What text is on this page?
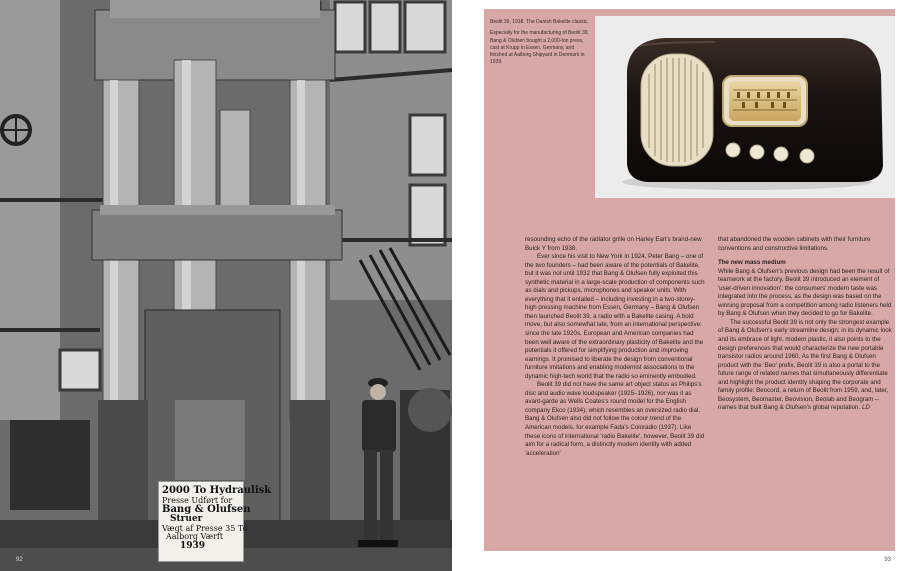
2000 To Hydraulisk
Presse Udført for
Bang & Olufsen
Struer
Vægt af Presse 35 To
Aalborg Værft
1939
92	93

Beolit 39, 1938. The Danish Bakelite classic.

Especially for the manufacturing of Beolit 39, Bang & Olufsen bought a 2,000-ton press, cast at Krupp in Essen, Germany, and finished at Aalborg Shipyard in Denmark in 1939.

resounding echo of the radiator grille on Harley Earl's brand-new Buick Y from 1938.

Ever since his visit to New York in 1924, Peter Bang – one of the two founders – had been aware of the potentials of Bakelite, but it was not until 1932 that Bang & Olufsen fully exploited this synthetic material in a large-scale production of components such as dials and pickups, microphones and speaker units. With everything that it entailed – including investing in a two-storey-high pressing machine from Essen, Germany – Bang & Olufsen then launched Beolit 39, a radio with a Bakelite casing. A bold move, but also somewhat late, from an international perspective: since the late 1920s, European and American companies had been well aware of the extraordinary plasticity of Bakelite and the potentials it offered for simplifying production and improving earnings. It promised to liberate the design from conventional furniture imitations and enabling modernist associations to the dynamic high-tech world that the radio so eminently embodied.

Beolit 39 did not have the same art object status as Philips's disc and audio wave loudspeaker (1925–1926), nor was it as avant-garde as Wells Coates's round model for the English company Ekco (1934), which resembles an oversized radio dial. Bang & Olufsen also did not follow the colour trend of the American models, for example Fada's Coloradio (1937). Like these icons of international 'radio Bakelite', however, Beolit 39 did aim for a radical form, a distinctly modern identity with added 'acceleration'

that abandoned the wooden cabinets with their furniture conventions and constructive limitations.

The new mass medium

While Bang & Olufsen's previous design had been the result of teamwork at the factory, Beolit 39 introduced an element of 'user-driven innovation': the consumers' modern taste was integrated into the process, as the design was based on the winning proposal from a competition among radio listeners held by Bang & Olufsen when they decided to go for Bakelite.

The successful Beolit 39 is not only the strongest example of Bang & Olufsen's early streamline design; in its dynamic look and its embrace of light, modern plastic, it also points to the design preferences that would characterize the new portable transistor radios around 1960. As the first Bang & Olufsen product with the 'Beo' prefix, Beolit 39 is also a portal to the future range of related names that simultaneously differentiate and highlight the product identity shaping the corporate and family profile: Beocord, a return of Beolit from 1959, and, later, Beosystem, Beomaster, Beovision, Beolab and Beogram – names that built Bang & Olufsen's global reputation. LD
